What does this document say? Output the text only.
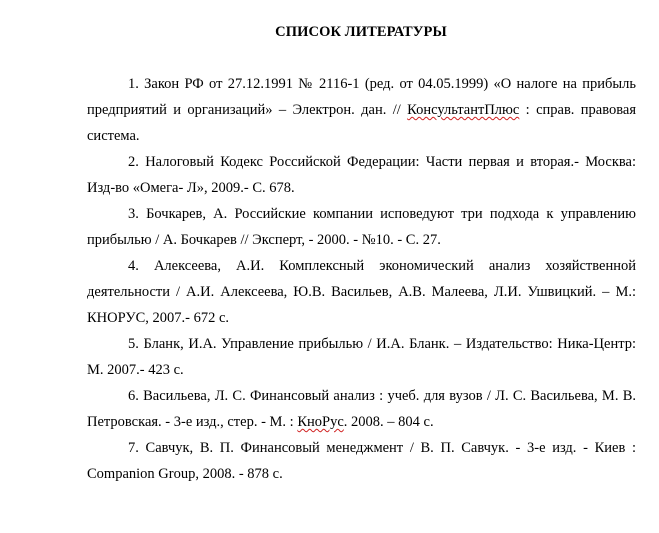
СПИСОК ЛИТЕРАТУРЫ

1. Закон РФ от 27.12.1991 № 2116-1 (ред. от 04.05.1999) «О налоге на прибыль предприятий и организаций» – Электрон. дан. // КонсультантПлюс : справ. правовая система.

2. Налоговый Кодекс Российской Федерации: Части первая и вторая.- Москва: Изд-во «Омега- Л», 2009.- С. 678.

3. Бочкарев, А. Российские компании исповедуют три подхода к управлению прибылью / А. Бочкарев // Эксперт, - 2000. - №10. - С. 27.

4. Алексеева, А.И. Комплексный экономический анализ хозяйственной деятельности / А.И. Алексеева, Ю.В. Васильев, А.В. Малеева, Л.И. Ушвицкий. – М.: КНОРУС, 2007.- 672 с.

5. Бланк, И.А. Управление прибылью / И.А. Бланк. – Издательство: Ника-Центр: М. 2007.- 423 с.

6. Васильева, Л. С. Финансовый анализ : учеб. для вузов / Л. С. Васильева, М. В. Петровская. - 3-е изд., стер. - М. : КноРус. 2008. – 804 с.

7. Савчук, В. П. Финансовый менеджмент / В. П. Савчук. - 3-е изд. - Киев : Companion Group, 2008. - 878 с.
